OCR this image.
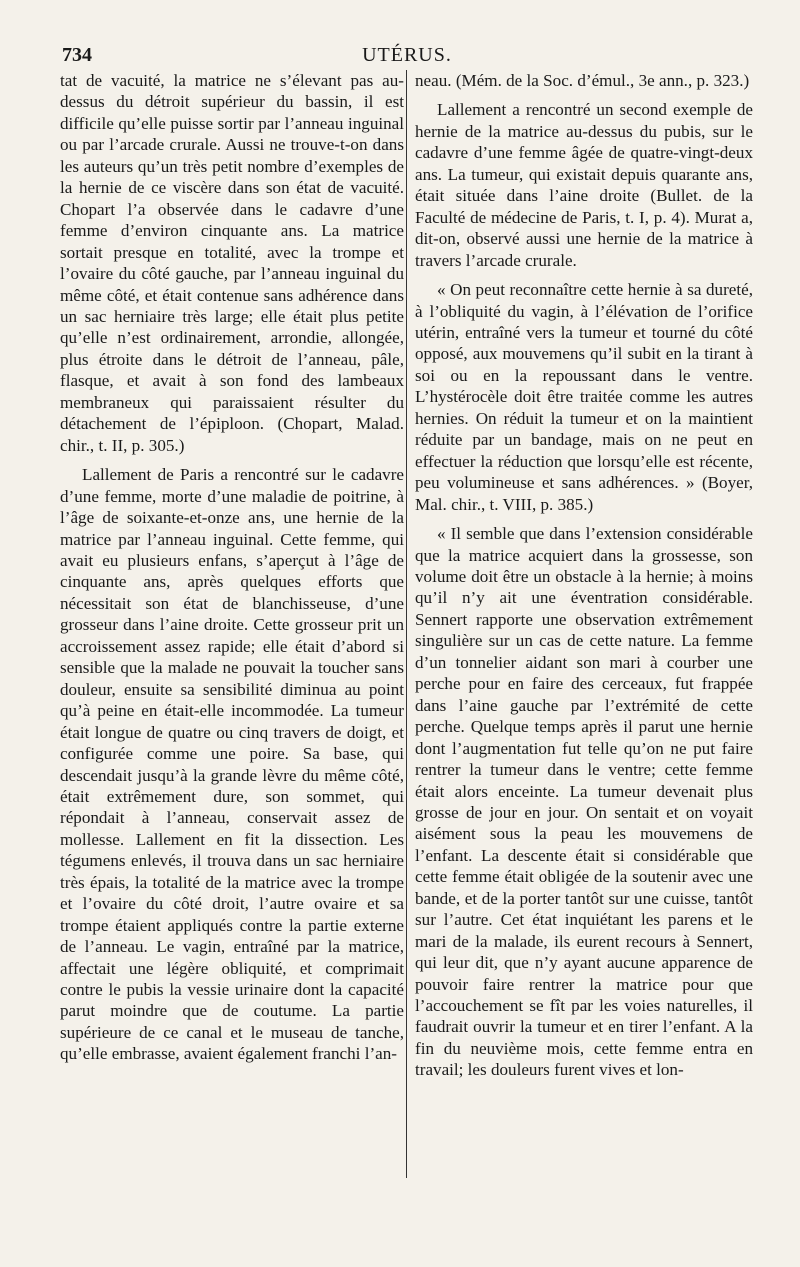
734	UTÉRUS.

tat de vacuité, la matrice ne s’élevant pas au-dessus du détroit supérieur du bassin, il est difficile qu’elle puisse sortir par l’anneau inguinal ou par l’arcade crurale. Aussi ne trouve-t-on dans les auteurs qu’un très petit nombre d’exemples de la hernie de ce viscère dans son état de vacuité. Chopart l’a observée dans le cadavre d’une femme d’environ cinquante ans. La matrice sortait presque en totalité, avec la trompe et l’ovaire du côté gauche, par l’anneau inguinal du même côté, et était contenue sans adhérence dans un sac herniaire très large; elle était plus petite qu’elle n’est ordinairement, arrondie, allongée, plus étroite dans le détroit de l’anneau, pâle, flasque, et avait à son fond des lambeaux membraneux qui paraissaient résulter du détachement de l’épiploon. (Chopart, Malad. chir., t. II, p. 305.)

Lallement de Paris a rencontré sur le cadavre d’une femme, morte d’une maladie de poitrine, à l’âge de soixante-et-onze ans, une hernie de la matrice par l’anneau inguinal. Cette femme, qui avait eu plusieurs enfans, s’aperçut à l’âge de cinquante ans, après quelques efforts que nécessitait son état de blanchisseuse, d’une grosseur dans l’aine droite. Cette grosseur prit un accroissement assez rapide; elle était d’abord si sensible que la malade ne pouvait la toucher sans douleur, ensuite sa sensibilité diminua au point qu’à peine en était-elle incommodée. La tumeur était longue de quatre ou cinq travers de doigt, et configurée comme une poire. Sa base, qui descendait jusqu’à la grande lèvre du même côté, était extrêmement dure, son sommet, qui répondait à l’anneau, conservait assez de mollesse. Lallement en fit la dissection. Les tégumens enlevés, il trouva dans un sac herniaire très épais, la totalité de la matrice avec la trompe et l’ovaire du côté droit, l’autre ovaire et sa trompe étaient appliqués contre la partie externe de l’anneau. Le vagin, entraîné par la matrice, affectait une légère obliquité, et comprimait contre le pubis la vessie urinaire dont la capacité parut moindre que de coutume. La partie supérieure de ce canal et le museau de tanche, qu’elle embrasse, avaient également franchi l’an-

neau. (Mém. de la Soc. d’émul., 3e ann., p. 323.)

Lallement a rencontré un second exemple de hernie de la matrice au-dessus du pubis, sur le cadavre d’une femme âgée de quatre-vingt-deux ans. La tumeur, qui existait depuis quarante ans, était située dans l’aine droite (Bullet. de la Faculté de médecine de Paris, t. I, p. 4). Murat a, dit-on, observé aussi une hernie de la matrice à travers l’arcade crurale.

« On peut reconnaître cette hernie à sa dureté, à l’obliquité du vagin, à l’élévation de l’orifice utérin, entraîné vers la tumeur et tourné du côté opposé, aux mouvemens qu’il subit en la tirant à soi ou en la repoussant dans le ventre. L’hystérocèle doit être traitée comme les autres hernies. On réduit la tumeur et on la maintient réduite par un bandage, mais on ne peut en effectuer la réduction que lorsqu’elle est récente, peu volumineuse et sans adhérences. » (Boyer, Mal. chir., t. VIII, p. 385.)

« Il semble que dans l’extension considérable que la matrice acquiert dans la grossesse, son volume doit être un obstacle à la hernie; à moins qu’il n’y ait une éventration considérable. Sennert rapporte une observation extrêmement singulière sur un cas de cette nature. La femme d’un tonnelier aidant son mari à courber une perche pour en faire des cerceaux, fut frappée dans l’aine gauche par l’extrémité de cette perche. Quelque temps après il parut une hernie dont l’augmentation fut telle qu’on ne put faire rentrer la tumeur dans le ventre; cette femme était alors enceinte. La tumeur devenait plus grosse de jour en jour. On sentait et on voyait aisément sous la peau les mouvemens de l’enfant. La descente était si considérable que cette femme était obligée de la soutenir avec une bande, et de la porter tantôt sur une cuisse, tantôt sur l’autre. Cet état inquiétant les parens et le mari de la malade, ils eurent recours à Sennert, qui leur dit, que n’y ayant aucune apparence de pouvoir faire rentrer la matrice pour que l’accouchement se fît par les voies naturelles, il faudrait ouvrir la tumeur et en tirer l’enfant. A la fin du neuvième mois, cette femme entra en travail; les douleurs furent vives et lon-
